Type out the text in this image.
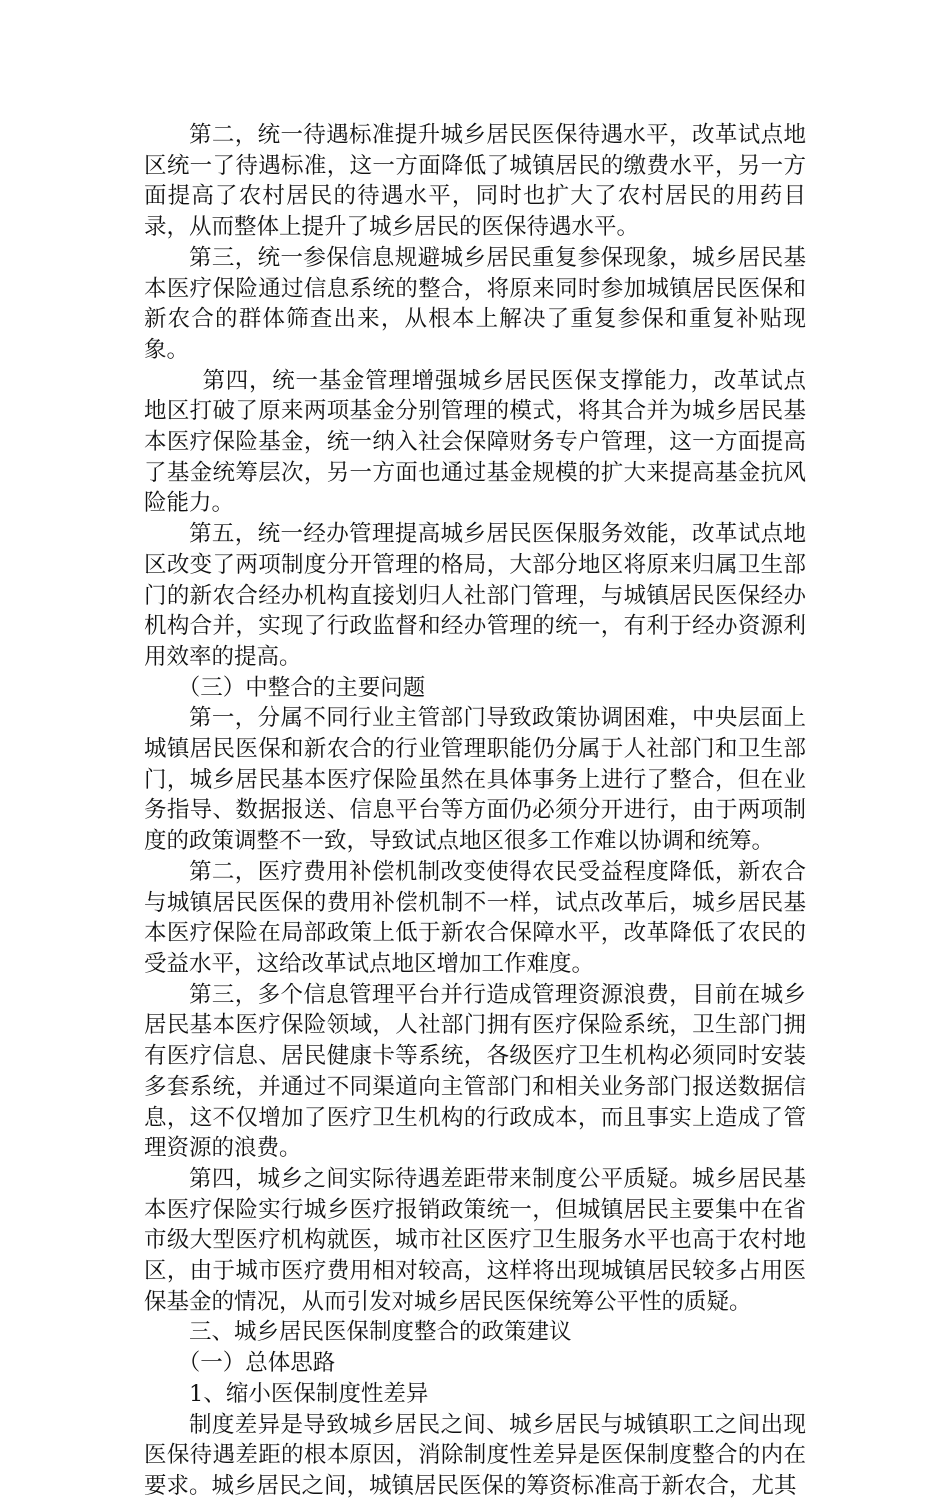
第二，统一待遇标准提升城乡居民医保待遇水平，改革试点地区统一了待遇标准，这一方面降低了城镇居民的缴费水平，另一方面提高了农村居民的待遇水平，同时也扩大了农村居民的用药目录，从而整体上提升了城乡居民的医保待遇水平。

第三，统一参保信息规避城乡居民重复参保现象，城乡居民基本医疗保险通过信息系统的整合，将原来同时参加城镇居民医保和新农合的群体筛查出来，从根本上解决了重复参保和重复补贴现象。

第四，统一基金管理增强城乡居民医保支撑能力，改革试点地区打破了原来两项基金分别管理的模式，将其合并为城乡居民基本医疗保险基金，统一纳入社会保障财务专户管理，这一方面提高了基金统筹层次，另一方面也通过基金规模的扩大来提高基金抗风险能力。

第五，统一经办管理提高城乡居民医保服务效能，改革试点地区改变了两项制度分开管理的格局，大部分地区将原来归属卫生部门的新农合经办机构直接划归人社部门管理，与城镇居民医保经办机构合并，实现了行政监督和经办管理的统一，有利于经办资源利用效率的提高。

（三）中整合的主要问题

第一，分属不同行业主管部门导致政策协调困难，中央层面上城镇居民医保和新农合的行业管理职能仍分属于人社部门和卫生部门，城乡居民基本医疗保险虽然在具体事务上进行了整合，但在业务指导、数据报送、信息平台等方面仍必须分开进行，由于两项制度的政策调整不一致，导致试点地区很多工作难以协调和统筹。

第二，医疗费用补偿机制改变使得农民受益程度降低，新农合与城镇居民医保的费用补偿机制不一样，试点改革后，城乡居民基本医疗保险在局部政策上低于新农合保障水平，改革降低了农民的受益水平，这给改革试点地区增加工作难度。

第三，多个信息管理平台并行造成管理资源浪费，目前在城乡居民基本医疗保险领域，人社部门拥有医疗保险系统，卫生部门拥有医疗信息、居民健康卡等系统，各级医疗卫生机构必须同时安装多套系统，并通过不同渠道向主管部门和相关业务部门报送数据信息，这不仅增加了医疗卫生机构的行政成本，而且事实上造成了管理资源的浪费。

第四，城乡之间实际待遇差距带来制度公平质疑。城乡居民基本医疗保险实行城乡医疗报销政策统一，但城镇居民主要集中在省市级大型医疗机构就医，城市社区医疗卫生服务水平也高于农村地区，由于城市医疗费用相对较高，这样将出现城镇居民较多占用医保基金的情况，从而引发对城乡居民医保统筹公平性的质疑。

三、城乡居民医保制度整合的政策建议

（一）总体思路

1、缩小医保制度性差异

制度差异是导致城乡居民之间、城乡居民与城镇职工之间出现医保待遇差距的根本原因，消除制度性差异是医保制度整合的内在要求。城乡居民之间，城镇居民医保的筹资标准高于新农合，尤其
